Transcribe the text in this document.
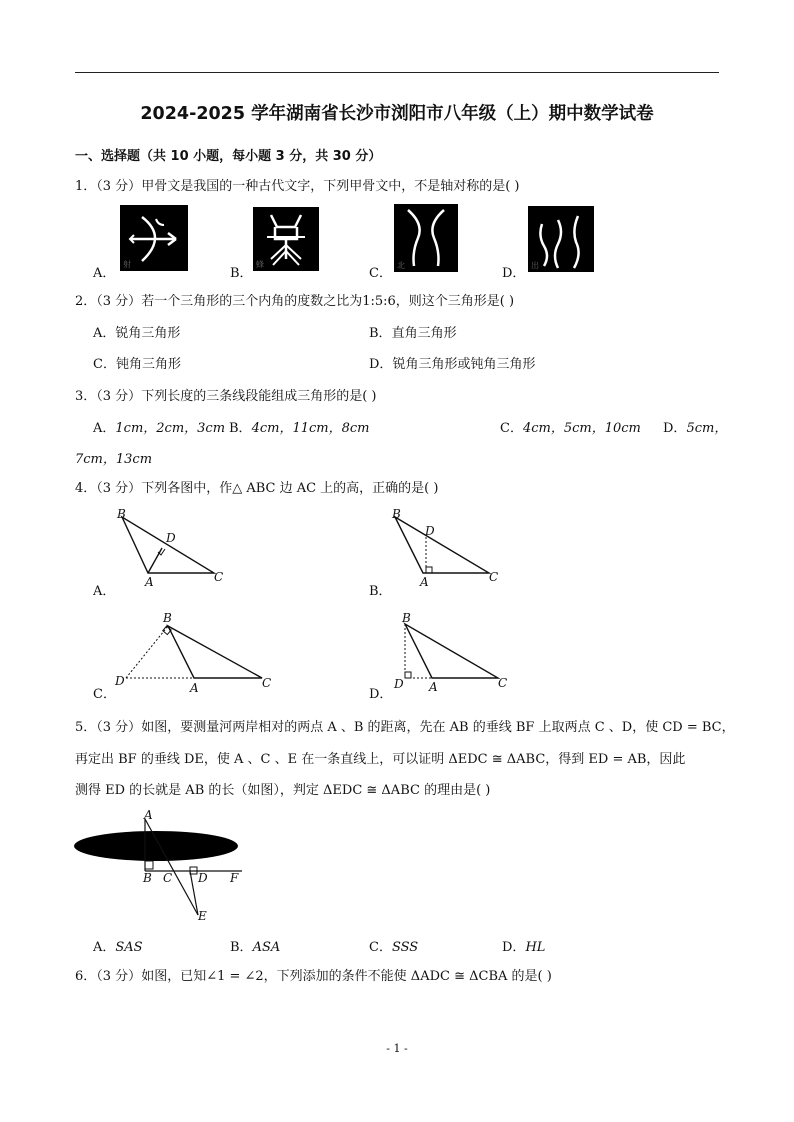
2024-2025 学年湖南省长沙市浏阳市八年级（上）期中数学试卷
一、选择题（共 10 小题，每小题 3 分，共 30 分）
1．（3 分）甲骨文是我国的一种古代文字，下列甲骨文中，不是轴对称的是( )
射	蜂	北	出
A．	B．	C．	D．
2．（3 分）若一个三角形的三个内角的度数之比为1:5:6，则这个三角形是( )
A．锐角三角形	B．直角三角形
C．钝角三角形	D．锐角三角形或钝角三角形
3．（3 分）下列长度的三条线段能组成三角形的是( )
A．1cm，2cm，3cm B．4cm，11cm，8cm	C．4cm，5cm，10cm D．5cm，
7cm，13cm
4．（3 分）下列各图中，作△ ABC 边 AC 上的高，正确的是( )
B
D
A	C
A．
B
D
A	C
B．
B
D	A	C
C．
B
D A	C
D．
5．（3 分）如图，要测量河两岸相对的两点 A 、B 的距离，先在 AB 的垂线 BF 上取两点 C 、D，使 CD = BC，
再定出 BF 的垂线 DE，使 A 、C 、E 在一条直线上，可以证明 ΔEDC ≅ ΔABC，得到 ED = AB，因此
测得 ED 的长就是 AB 的长（如图），判定 ΔEDC ≅ ΔABC 的理由是( )
A
B C D F
E
A．SAS	B．ASA	C．SSS	D．HL
6．（3 分）如图，已知∠1 = ∠2，下列添加的条件不能使 ΔADC ≅ ΔCBA 的是( )
- 1 -
